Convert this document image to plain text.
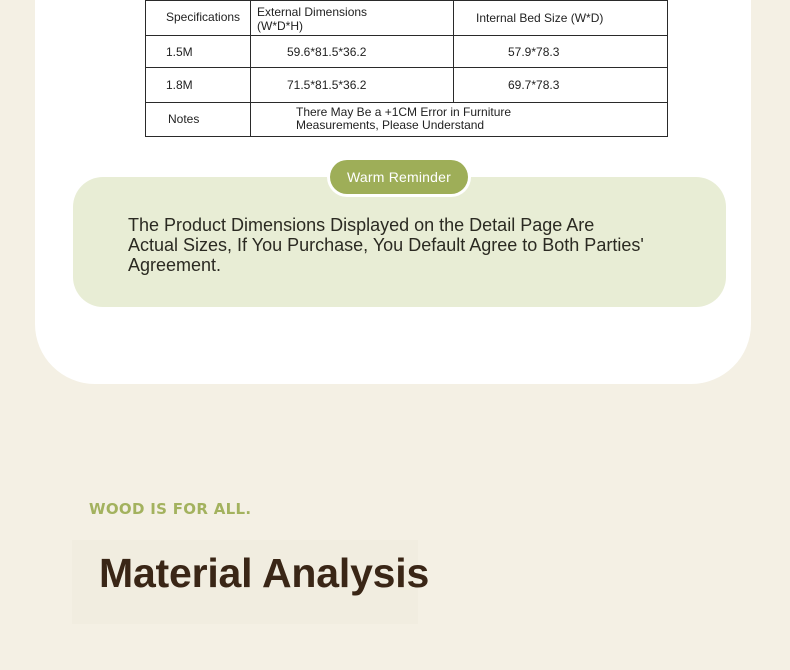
Specifications	External Dimensions (W*D*H)	Internal Bed Size (W*D)
1.5M	59.6*81.5*36.2	57.9*78.3
1.8M	71.5*81.5*36.2	69.7*78.3
Notes	There May Be a +1CM Error in Furniture Measurements, Please Understand	

The Product Dimensions Displayed on the Detail Page Are Actual Sizes, If You Purchase, You Default Agree to Both Parties' Agreement.

Warm Reminder

WOOD IS FOR ALL.

Material Analysis
